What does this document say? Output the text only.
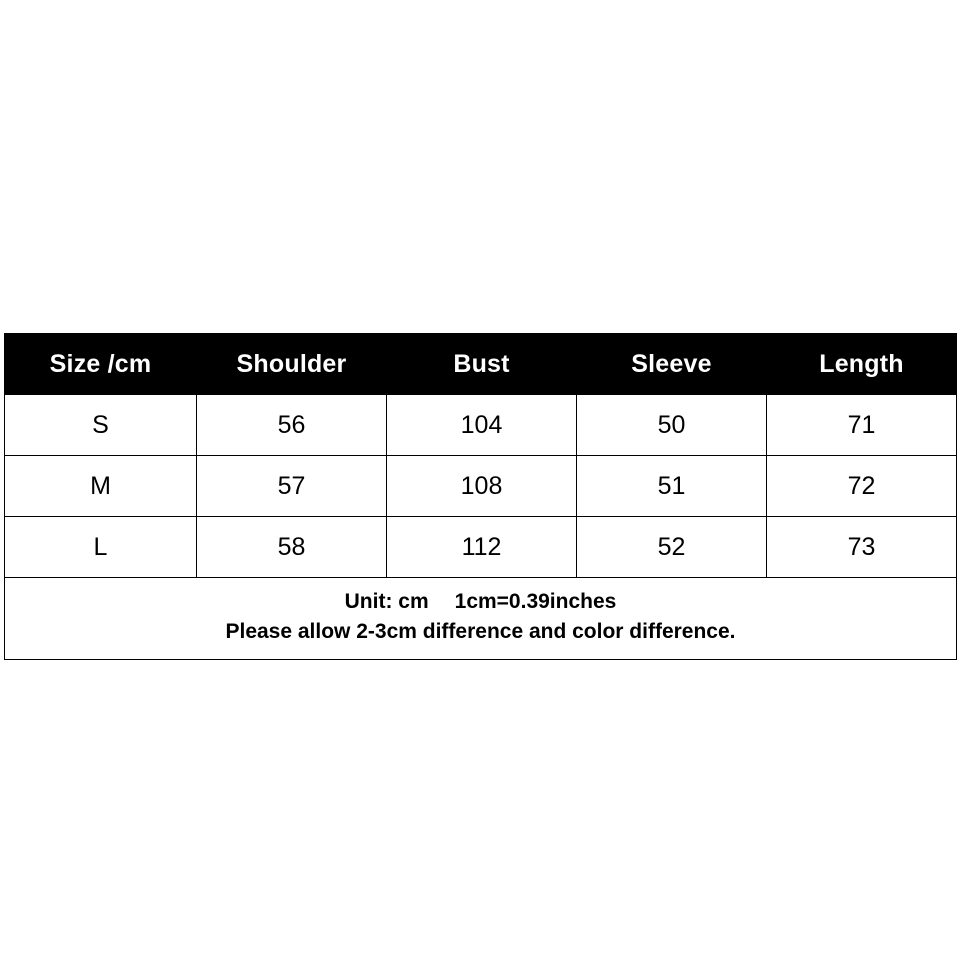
Size /cm	Shoulder	Bust	Sleeve	Length
S	56	104	50	71
M	57	108	51	72
L	58	112	52	73

Unit: cm 1cm=0.39inches
Please allow 2-3cm difference and color difference.				
